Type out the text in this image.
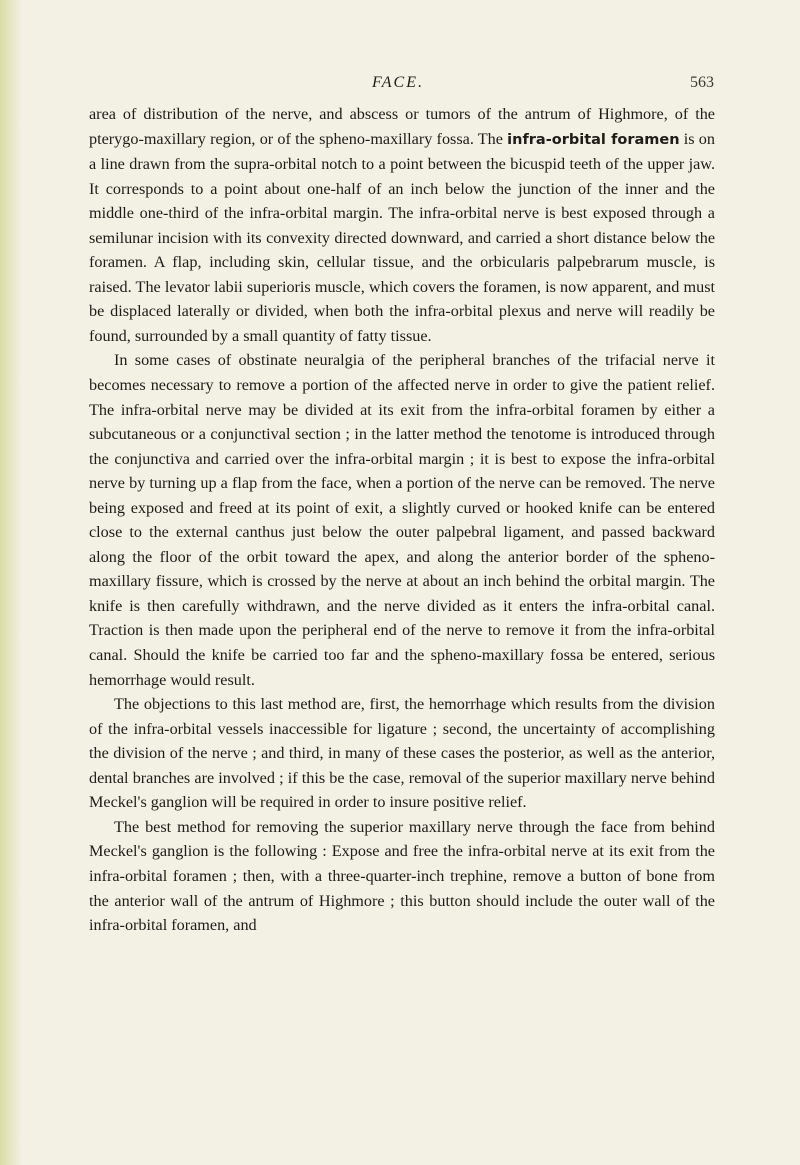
FACE.	563

area of distribution of the nerve, and abscess or tumors of the antrum of Highmore, of the pterygo-maxillary region, or of the spheno-maxillary fossa. The infra-orbital foramen is on a line drawn from the supra-orbital notch to a point between the bicuspid teeth of the upper jaw. It corresponds to a point about one-half of an inch below the junction of the inner and the middle one-third of the infra-orbital margin. The infra-orbital nerve is best exposed through a semilunar incision with its convexity directed downward, and carried a short distance below the foramen. A flap, including skin, cellular tissue, and the orbicularis palpebrarum muscle, is raised. The levator labii superioris muscle, which covers the foramen, is now apparent, and must be displaced laterally or divided, when both the infra-orbital plexus and nerve will readily be found, surrounded by a small quantity of fatty tissue.

In some cases of obstinate neuralgia of the peripheral branches of the trifacial nerve it becomes necessary to remove a portion of the affected nerve in order to give the patient relief. The infra-orbital nerve may be divided at its exit from the infra-orbital foramen by either a subcutaneous or a conjunctival section ; in the latter method the tenotome is introduced through the conjunctiva and carried over the infra-orbital margin ; it is best to expose the infra-orbital nerve by turning up a flap from the face, when a portion of the nerve can be removed. The nerve being exposed and freed at its point of exit, a slightly curved or hooked knife can be entered close to the external canthus just below the outer palpebral ligament, and passed backward along the floor of the orbit toward the apex, and along the anterior border of the spheno-maxillary fissure, which is crossed by the nerve at about an inch behind the orbital margin. The knife is then carefully withdrawn, and the nerve divided as it enters the infra-orbital canal. Traction is then made upon the peripheral end of the nerve to remove it from the infra-orbital canal. Should the knife be carried too far and the spheno-maxillary fossa be entered, serious hemorrhage would result.

The objections to this last method are, first, the hemorrhage which results from the division of the infra-orbital vessels inaccessible for ligature ; second, the uncertainty of accomplishing the division of the nerve ; and third, in many of these cases the posterior, as well as the anterior, dental branches are involved ; if this be the case, removal of the superior maxillary nerve behind Meckel's ganglion will be required in order to insure positive relief.

The best method for removing the superior maxillary nerve through the face from behind Meckel's ganglion is the following : Expose and free the infra-orbital nerve at its exit from the infra-orbital foramen ; then, with a three-quarter-inch trephine, remove a button of bone from the anterior wall of the antrum of Highmore ; this button should include the outer wall of the infra-orbital foramen, and
